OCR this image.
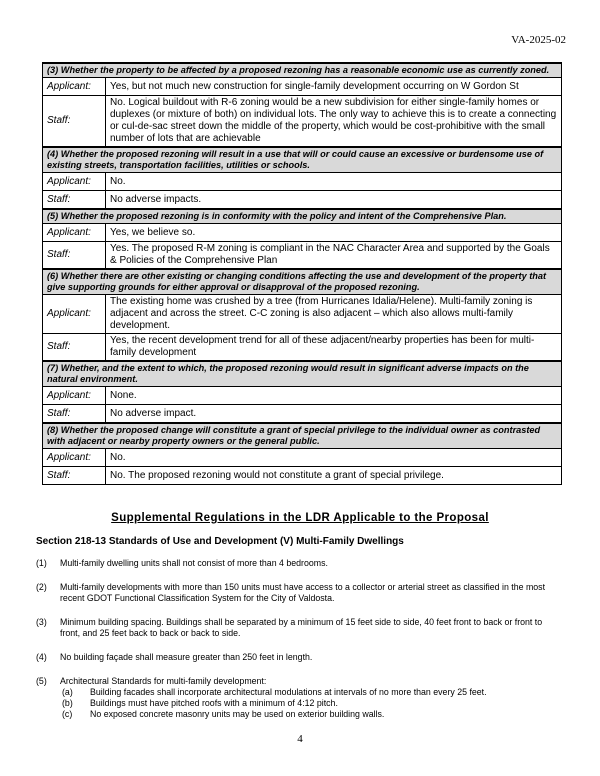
VA-2025-02
(3) Whether the property to be affected by a proposed rezoning has a reasonable economic use as currently zoned.	
Applicant:	Yes, but not much new construction for single-family development occurring on W Gordon St
Staff:	No. Logical buildout with R-6 zoning would be a new subdivision for either single-family homes or duplexes (or mixture of both) on individual lots. The only way to achieve this is to create a connecting or cul-de-sac street down the middle of the property, which would be cost-prohibitive with the small number of lots that are achievable
(4) Whether the proposed rezoning will result in a use that will or could cause an excessive or burdensome use of existing streets, transportation facilities, utilities or schools.	
Applicant:	No.
Staff:	No adverse impacts.
(5) Whether the proposed rezoning is in conformity with the policy and intent of the Comprehensive Plan.	
Applicant:	Yes, we believe so.
Staff:	Yes. The proposed R-M zoning is compliant in the NAC Character Area and supported by the Goals & Policies of the Comprehensive Plan
(6) Whether there are other existing or changing conditions affecting the use and development of the property that give supporting grounds for either approval or disapproval of the proposed rezoning.	
Applicant:	The existing home was crushed by a tree (from Hurricanes Idalia/Helene). Multi-family zoning is adjacent and across the street. C-C zoning is also adjacent – which also allows multi-family development.
Staff:	Yes, the recent development trend for all of these adjacent/nearby properties has been for multi-family development
(7) Whether, and the extent to which, the proposed rezoning would result in significant adverse impacts on the natural environment.	
Applicant:	None.
Staff:	No adverse impact.
(8) Whether the proposed change will constitute a grant of special privilege to the individual owner as contrasted with adjacent or nearby property owners or the general public.	
Applicant:	No.
Staff:	No. The proposed rezoning would not constitute a grant of special privilege.
Supplemental Regulations in the LDR Applicable to the Proposal
Section 218-13 Standards of Use and Development (V) Multi-Family Dwellings
(1)	Multi-family dwelling units shall not consist of more than 4 bedrooms.
(2)	Multi-family developments with more than 150 units must have access to a collector or arterial street as classified in the most recent GDOT Functional Classification System for the City of Valdosta.
(3)	Minimum building spacing. Buildings shall be separated by a minimum of 15 feet side to side, 40 feet front to back or front to front, and 25 feet back to back or back to side.
(4)	No building façade shall measure greater than 250 feet in length.
(5)	Architectural Standards for multi-family development:
(a)	Building facades shall incorporate architectural modulations at intervals of no more than every 25 feet.
(b)	Buildings must have pitched roofs with a minimum of 4:12 pitch.
(c)	No exposed concrete masonry units may be used on exterior building walls.
4
